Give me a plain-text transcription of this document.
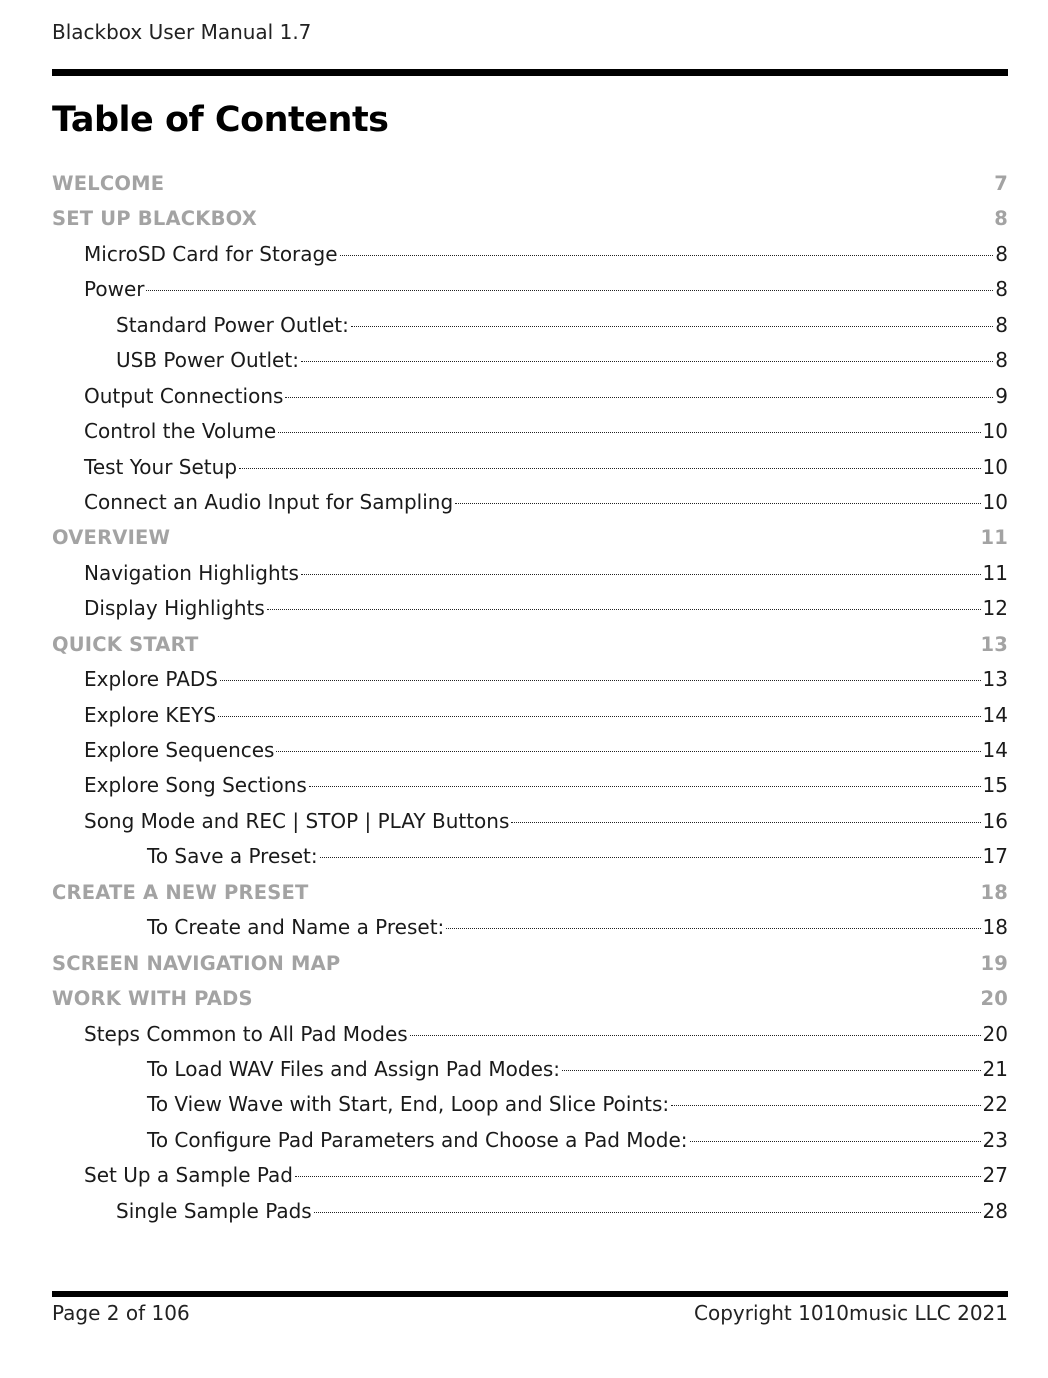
Blackbox User Manual 1.7
Table of Contents
WELCOME	7
SET UP BLACKBOX	8
MicroSD Card for Storage	8
Power	8
Standard Power Outlet:	8
USB Power Outlet:	8
Output Connections	9
Control the Volume	10
Test Your Setup	10
Connect an Audio Input for Sampling	10
OVERVIEW	11
Navigation Highlights	11
Display Highlights	12
QUICK START	13
Explore PADS	13
Explore KEYS	14
Explore Sequences	14
Explore Song Sections	15
Song Mode and REC | STOP | PLAY Buttons	16
To Save a Preset:	17
CREATE A NEW PRESET	18
To Create and Name a Preset:	18
SCREEN NAVIGATION MAP	19
WORK WITH PADS	20
Steps Common to All Pad Modes	20
To Load WAV Files and Assign Pad Modes:	21
To View Wave with Start, End, Loop and Slice Points:	22
To Configure Pad Parameters and Choose a Pad Mode:	23
Set Up a Sample Pad	27
Single Sample Pads	28
Page 2 of 106	Copyright 1010music LLC 2021
